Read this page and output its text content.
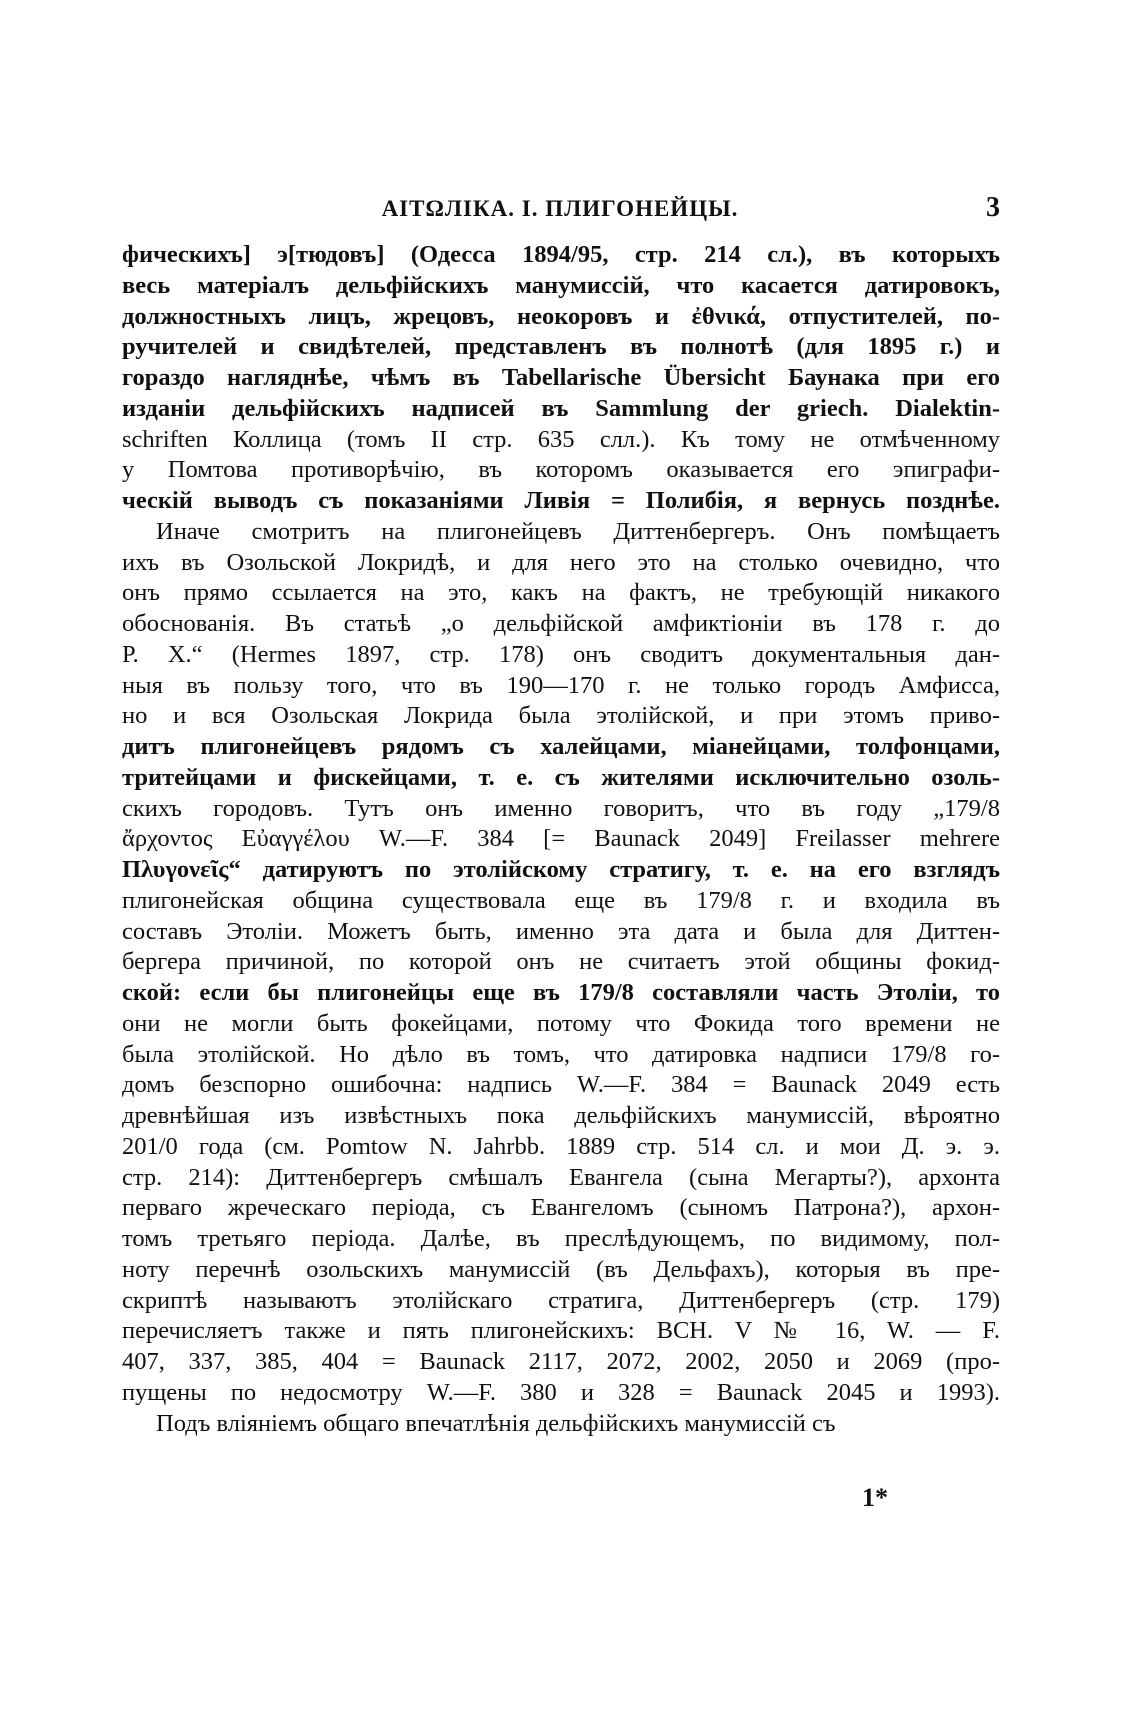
АІТΩЛІКА. І. ПЛИГОНЕЙЦЫ.	3
фическихъ] э[тюдовъ] (Одесса 1894/95, стр. 214 сл.), въ которыхъ
весь матеріалъ дельфійскихъ манумиссій, что касается датировокъ,
должностныхъ лицъ, жрецовъ, неокоровъ и ἐθνικά, отпустителей, по-
ручителей и свидѣтелей, представленъ въ полнотѣ (для 1895 г.) и
гораздо нагляднѣе, чѣмъ въ Tabellarische Übersicht Баунака при его
изданіи дельфійскихъ надписей въ Sammlung der griech. Dialektin-
schriften Коллица (томъ II стр. 635 слл.). Къ тому не отмѣченному
у Помтова противорѣчію, въ которомъ оказывается его эпиграфи-
ческій выводъ съ показаніями Ливія = Полибія, я вернусь позднѣе.
Иначе смотритъ на плигонейцевъ Диттенбергеръ. Онъ помѣщаетъ
ихъ въ Озольской Локридѣ, и для него это на столько очевидно, что
онъ прямо ссылается на это, какъ на фактъ, не требующій никакого
обоснованія. Въ статьѣ „о дельфійской амфиктіоніи въ 178 г. до
Р. Х.“ (Hermes 1897, стр. 178) онъ сводитъ документальныя дан-
ныя въ пользу того, что въ 190—170 г. не только городъ Амфисса,
но и вся Озольская Локрида была этолійской, и при этомъ приво-
дитъ плигонейцевъ рядомъ съ халейцами, міанейцами, толфонцами,
тритейцами и фискейцами, т. е. съ жителями исключительно озоль-
скихъ городовъ. Тутъ онъ именно говоритъ, что въ году „179/8
ἄρχοντος Εὐαγγέλου W.—F. 384 [= Baunack 2049] Freilasser mehrere
Πλυγονεῖς“ датируютъ по этолійскому стратигу, т. е. на его взглядъ
плигонейская община существовала еще въ 179/8 г. и входила въ
составъ Этоліи. Можетъ быть, именно эта дата и была для Диттен-
бергера причиной, по которой онъ не считаетъ этой общины фокид-
ской: если бы плигонейцы еще въ 179/8 составляли часть Этоліи, то
они не могли быть фокейцами, потому что Фокида того времени не
была этолійской. Но дѣло въ томъ, что датировка надписи 179/8 го-
домъ безспорно ошибочна: надпись W.—F. 384 = Baunack 2049 есть
древнѣйшая изъ извѣстныхъ пока дельфійскихъ манумиссій, вѣроятно
201/0 года (см. Pomtow N. Jahrbb. 1889 стр. 514 сл. и мои Д. э. э.
стр. 214): Диттенбергеръ смѣшалъ Евангела (сына Мегарты?), архонта
перваго жреческаго періода, съ Евангеломъ (сыномъ Патрона?), архон-
томъ третьяго періода. Далѣе, въ преслѣдующемъ, по видимому, пол-
ноту перечнѣ озольскихъ манумиссій (въ Дельфахъ), которыя въ пре-
скриптѣ называютъ этолійскаго стратига, Диттенбергеръ (стр. 179)
перечисляетъ также и пять плигонейскихъ: BCH. V № 16, W. — F.
407, 337, 385, 404 = Baunack 2117, 2072, 2002, 2050 и 2069 (про-
пущены по недосмотру W.—F. 380 и 328 = Baunack 2045 и 1993).
Подъ вліяніемъ общаго впечатлѣнія дельфійскихъ манумиссій съ
1*
